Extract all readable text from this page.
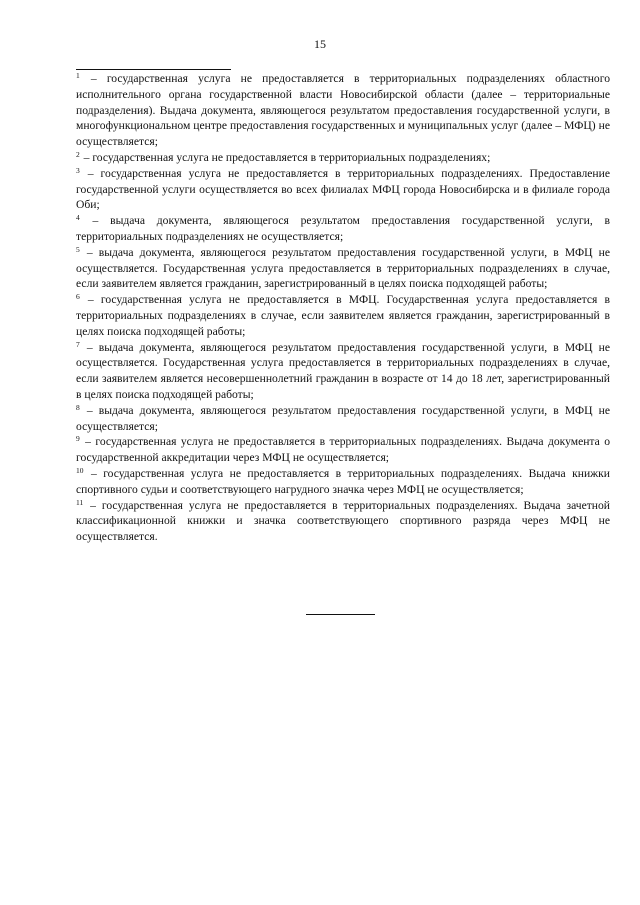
15

$^1$ – государственная услуга не предоставляется в территориальных подразделениях областного исполнительного органа государственной власти Новосибирской области (далее – территориальные подразделения). Выдача документа, являющегося результатом предоставления государственной услуги, в многофункциональном центре предоставления государственных и муниципальных услуг (далее – МФЦ) не осуществляется;

$^2$ – государственная услуга не предоставляется в территориальных подразделениях;

$^3$ – государственная услуга не предоставляется в территориальных подразделениях. Предоставление государственной услуги осуществляется во всех филиалах МФЦ города Новосибирска и в филиале города Оби;

$^4$ – выдача документа, являющегося результатом предоставления государственной услуги, в территориальных подразделениях не осуществляется;

$^5$ – выдача документа, являющегося результатом предоставления государственной услуги, в МФЦ не осуществляется. Государственная услуга предоставляется в территориальных подразделениях в случае, если заявителем является гражданин, зарегистрированный в целях поиска подходящей работы;

$^6$ – государственная услуга не предоставляется в МФЦ. Государственная услуга предоставляется в территориальных подразделениях в случае, если заявителем является гражданин, зарегистрированный в целях поиска подходящей работы;

$^7$ – выдача документа, являющегося результатом предоставления государственной услуги, в МФЦ не осуществляется. Государственная услуга предоставляется в территориальных подразделениях в случае, если заявителем является несовершеннолетний гражданин в возрасте от 14 до 18 лет, зарегистрированный в целях поиска подходящей работы;

$^8$ – выдача документа, являющегося результатом предоставления государственной услуги, в МФЦ не осуществляется;

$^9$ – государственная услуга не предоставляется в территориальных подразделениях. Выдача документа о государственной аккредитации через МФЦ не осуществляется;

$^{10}$ – государственная услуга не предоставляется в территориальных подразделениях. Выдача книжки спортивного судьи и соответствующего нагрудного значка через МФЦ не осуществляется;

$^{11}$ – государственная услуга не предоставляется в территориальных подразделениях. Выдача зачетной классификационной книжки и значка соответствующего спортивного разряда через МФЦ не осуществляется.
